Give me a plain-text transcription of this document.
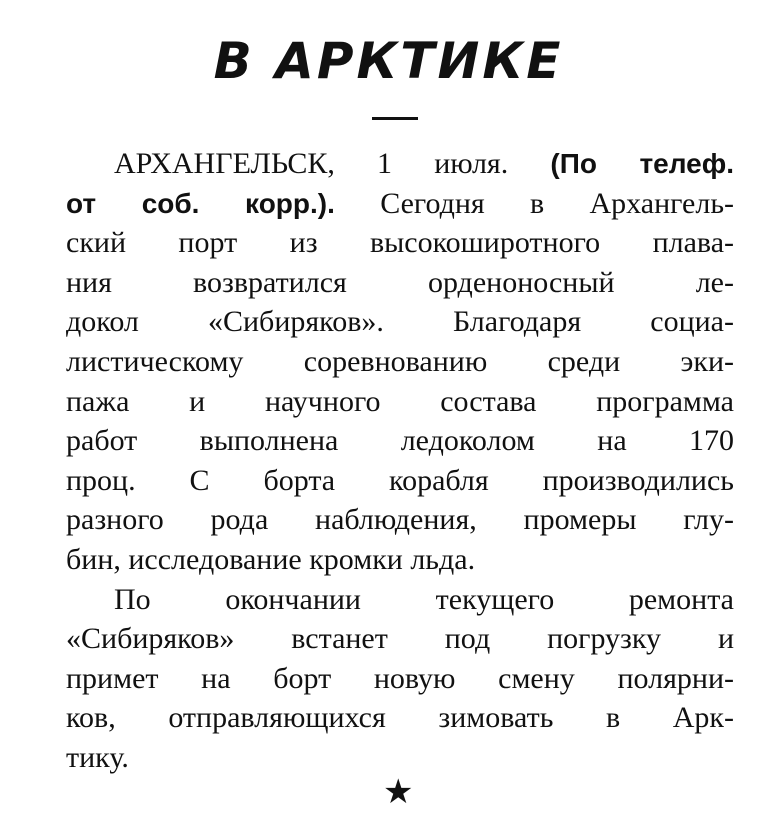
В АРКТИКЕ
АРХАНГЕЛЬСК, 1 июля. (По телеф.
от соб. корр.). Сегодня в Архангель-
ский порт из высокоширотного плава-
ния возвратился орденоносный ле-
докол «Сибиряков». Благодаря социа-
листическому соревнованию среди эки-
пажа и научного состава программа
работ выполнена ледоколом на 170
проц. С борта корабля производились
разного рода наблюдения, промеры глу-
бин, исследование кромки льда.
По окончании текущего ремонта
«Сибиряков» встанет под погрузку и
примет на борт новую смену полярни-
ков, отправляющихся зимовать в Арк-
тику.
★
